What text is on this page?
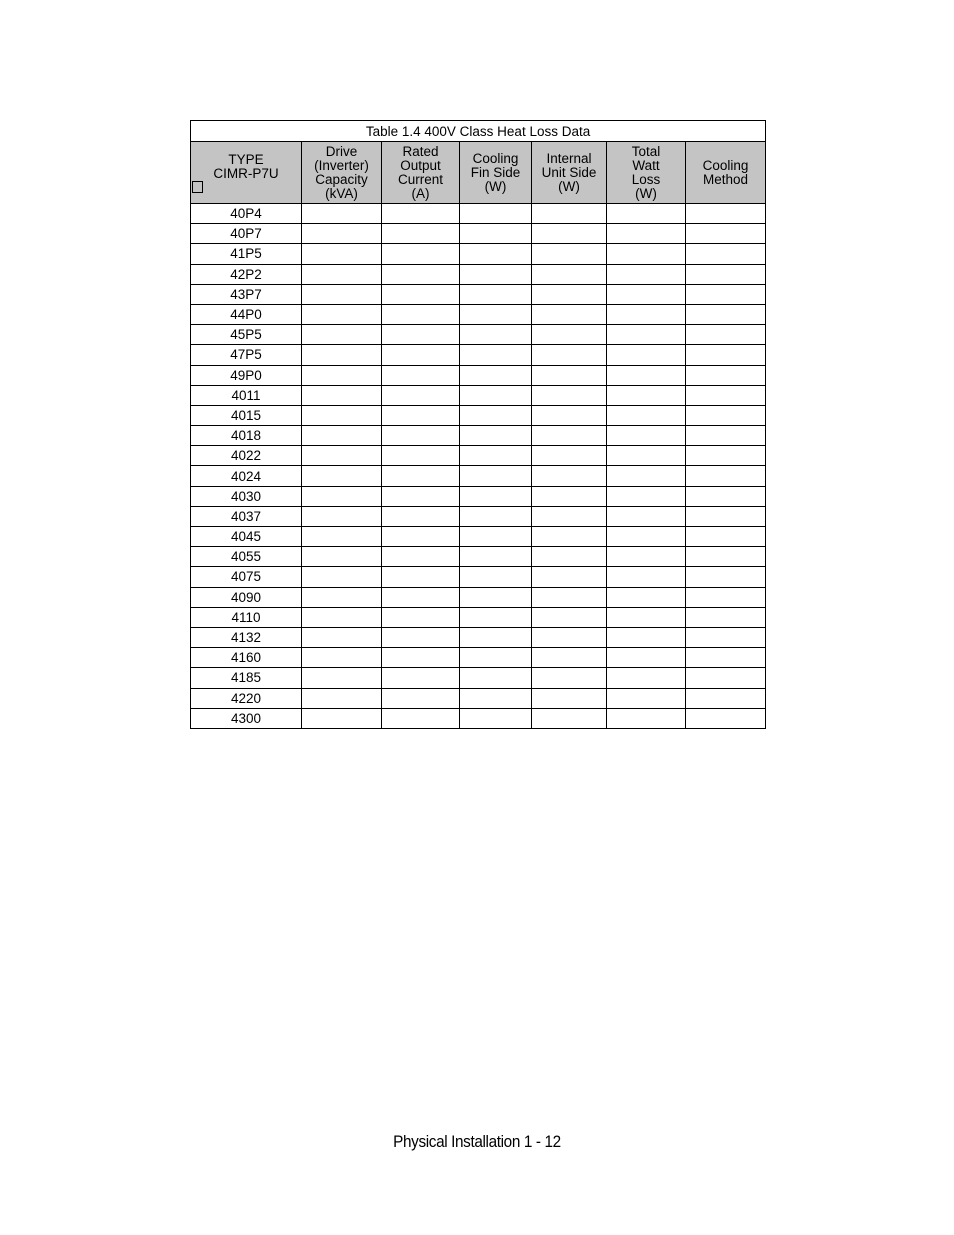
Table 1.4 400V Class Heat Loss Data						

TYPE
CIMR-P7U	Drive
(Inverter)
Capacity
(kVA)	Rated
Output
Current
(A)	Cooling
Fin Side
(W)	Internal
Unit Side
(W)	Total
Watt
Loss
(W)	Cooling
Method

40P4						
40P7						
41P5						
42P2						
43P7						
44P0						
45P5						
47P5						
49P0						
4011						
4015						
4018						
4022						
4024						
4030						
4037						
4045						
4055						
4075						
4090						
4110						
4132						
4160						
4185						
4220						
4300						
Physical Installation 1 - 12
